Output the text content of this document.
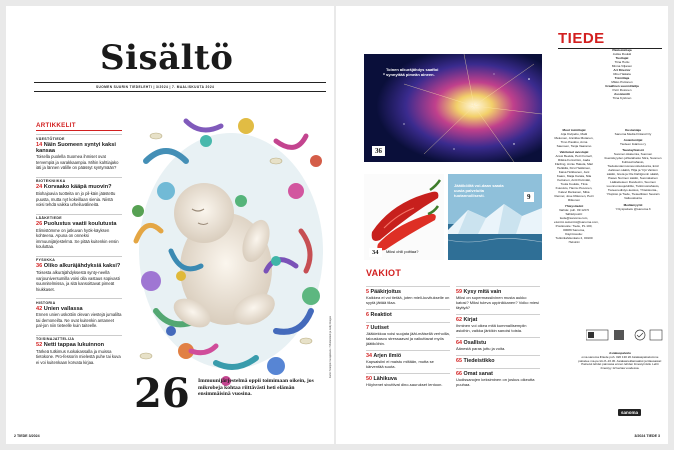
Sisältö
SUOMEN SUURIN TIEDELEHTI | 3/2024 | 7. MAALISKUUTA 2024
ARTIKKELIT
VÄESTÖTIEDE
14 Näin Suomeen syntyi kaksi kansaa
Toisella puolella Suomea ihmiset ovat tervempiä ja varakkaampia. Mihin kahtiajako iäti ja lännen välille on päässyt syntymään?
BIOTEKNIIKKA
24 Korvaako kääpä muovin?
Biohajoavia tuotteita on jo pil-käin jäästettu puusta, mutta nyt kokeillaan sienia. Niistä voisi tehdä vaikka urheiluvälineitä.
LÄÄKETIEDE
26 Puolustus vaatii koulutusta
Elimistömme on jatkuvan hyök-käyksen kohteena. Apuna on onneksi immuunijärjestelmä. Se pitää kuitenkin ensin kouluttaa.
FYSIIKKA
36 Oliko alkuräjähdyksiä kaksi?
Toisesta alkuräjähdyksestä synty-neellä varjouniversumilla voisi olla vastaus sopivasti suunnitelmissa, ja sitä kansoittavat pimeät hiukkaset.
HISTORIA
42 Unien vallassa
Ennen unien uskottiin olevan viestejä jumalilta tai demoneilta. Ne ovat kuitenkin antaneet pal-jon niin tieteelle kuin taiteelle.
TOISINAJATTELIJA
52 Netti tappaa lukuinnon
Tärkeä tutkimus ruokakassalla ja muissa tietokone. Pro-fessorin mielestä puhe tai kuva ei voi kuitenkaan korvata kirjaa.	Kansi: Scanpix Kuvapalvelu / Shutterstock ja Getty Images
26 Immuunijärjestelmä oppii toimimaan oikein, jos mikrobeja kohtaa riittävästi heti elämän ensimmäisinä vuosina.
2 TIEDE 3/2024
Toinen alkuräjähdys saattoi synnyttää pimeän aineen.
36
Miksi chili polttaa?
34
Jäätiköiltä voi-daan saada uusia palveluita tuotannollisesti.	9
VAKIOT
5 Pääkirjoitus
Kaikkea ei voi tietää, joten mieli-kuvitukselle on syytä jättää tilaa.
6 Reaktiot
7 Uutiset
Jääkiekkoa voisi suojata jäät-mäisellä verhoilla, talouskasvu stressaavat ja vaikuttavat myös jäätiköihin.
34 Arjen ilmiö
Kapsaisiini ei maistu miltään, mutta se kärventää suuta.
50 Lähikuva
Höyhenet sivuttivat dino-saurukset lentoon.
59 Kysy mitä vain
Miksi on supermassiivinen musta aukko katosi? Miksi tuleva uppinikkanen? Voiko miesi täyttyä?
62 Kirjat
Ihminen voi oikea mitä kummallisempiin asioihin, vaikka järkikin sanoisi toista.
64 Osallistu
Äänestä paras juttu ja voita.
65 Tiedeistikko
66 Omat sanat
Uudissanojen keksiminen on joskus oikeutta puuhaa.
TIEDE
Päätoimittaja
Jukka Ruukki
Tuottajat
Tiina Huttu
Minna Viljanen
Art Director
Riku Haikala
Toimittaja
Mikko Puttonen
Graafinen suunnittelija
Petri Rotonen
Assistentti
Tiina Kytönen
Muut toimittajat
Arja Kivipelto, Matti Mekonen, Annikka Mutanen, Timo Paukku, Anna Saunoen, Tanja Vaaramo
Vakituiset avustajat
Anssi Beekla, Petri Forsell, Riikka Forsström, Aada Färding, Annie Hakola, Mari Helkkilä, Kirsi Heikkinen, Kaisa Holkkanen, Jani Kaaro, Maija Karala, Nila Kettunen, Antti Kivimäki, Tuula Koukku, Tiina Kuusisto, Hannu Pesonen, Kalevi Rantanen, Mika Rennel, Jose Riikonen, Petri Riikonen
Yhteystiedot
Vaihde: puh. 09 120 5 Sähköpostit: tiede@sanoma.com, etunimi.sukunimi@sanoma.com, Postiosoite: Tiede, PL 100, 00089 Sanoma, Käyntiosoite: Toölönlahdenkatu 2, 00100 Helsinki
Kustantaja
Sanoma Media Finland Oy
Asiantuntijat
Tiedeen lisäntuo ry
Taustayhteisöt
Suomen Akatemia, Suomen Itsenäisyyden juhlarahasto Sitra, Suomen Kulttuurirahasto, Tiedekustannusneuvottelukunta, Emil Aaltosen säätiö, Hilja ja Yrjö Vainion säätiö, Greta ja Ole Dahlgrenin säätiö, Paavo Nurmen säätiö, Suomalainen Lääketieteen Duodecim, Suomen Luonnonsuojeluliitto, Tutkimusrahasto, Tieteenedistys-keskus, Yhteiskunta-, Yliopisto ja Tiede, Tieteellisten Seurain Valtuuskunta
Mediamyynti
Yrityspalvelu @sanoma.fi
Asiakaspalvelu
oma.sanoma.fi/tiede puh. 020 130 20 Asiakaspalvelumme palvelee ma-pe klo 8–16.30. Asiakasreklamaatiot ja tilausasiat: Painetut lehdet painossa ennen lehden ilmestymistä. Lehti ilmestyy 12 kertaa vuodessa.
sanoma
3/2024 TIEDE 3
